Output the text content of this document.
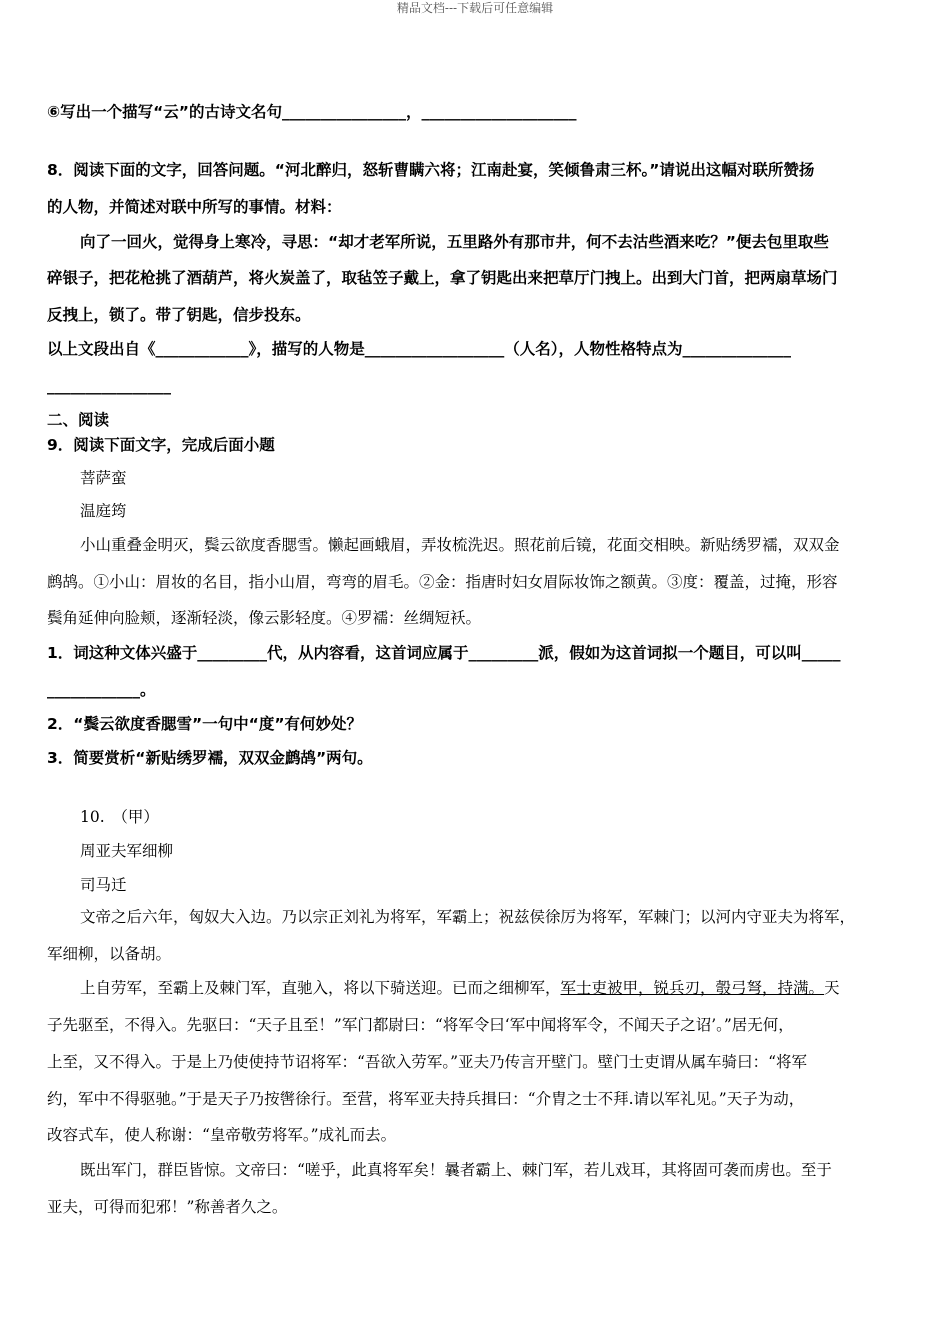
精品文档---下载后可任意编辑
⑥写出一个描写“云”的古诗文名句________________，____________________
8．阅读下面的文字，回答问题。“河北醉归，怒斩曹瞒六将；江南赴宴，笑倾鲁肃三杯。”请说出这幅对联所赞扬
的人物，并简述对联中所写的事情。材料：
向了一回火，觉得身上寒冷，寻思：“却才老军所说，五里路外有那市井，何不去沽些酒来吃？”便去包里取些
碎银子，把花枪挑了酒葫芦，将火炭盖了，取毡笠子戴上，拿了钥匙出来把草厅门拽上。出到大门首，把两扇草场门
反拽上，锁了。带了钥匙，信步投东。
以上文段出自《____________》，描写的人物是__________________（人名），人物性格特点为______________
________________
二、阅读
9．阅读下面文字，完成后面小题
菩萨蛮
温庭筠
小山重叠金明灭，鬓云欲度香腮雪。懒起画蛾眉，弄妆梳洗迟。照花前后镜，花面交相映。新贴绣罗襦，双双金
鹧鸪。①小山：眉妆的名目，指小山眉，弯弯的眉毛。②金：指唐时妇女眉际妆饰之额黄。③度：覆盖，过掩，形容
鬓角延伸向脸颊，逐渐轻淡，像云影轻度。④罗襦：丝绸短袄。
1．词这种文体兴盛于_________代，从内容看，这首词应属于_________派，假如为这首词拟一个题目，可以叫_____
____________。
2．“鬓云欲度香腮雪”一句中“度”有何妙处？
3．简要赏析“新贴绣罗襦，双双金鹧鸪”两句。
10.　（甲）
周亚夫军细柳
司马迁
文帝之后六年，匈奴大入边。乃以宗正刘礼为将军，军霸上；祝兹侯徐厉为将军，军棘门；以河内守亚夫为将军，
军细柳，以备胡。
上自劳军，至霸上及棘门军，直驰入，将以下骑送迎。已而之细柳军，军士吏被甲，锐兵刃，彀弓弩，持满。天
子先驱至，不得入。先驱曰：“天子且至！”军门都尉曰：“将军令曰‘军中闻将军令，不闻天子之诏’。”居无何，
上至，又不得入。于是上乃使使持节诏将军：“吾欲入劳军。”亚夫乃传言开壁门。壁门士吏谓从属车骑曰：“将军
约，军中不得驱驰。”于是天子乃按辔徐行。至营，将军亚夫持兵揖曰：“介胄之士不拜.请以军礼见。”天子为动，
改容式车，使人称谢：“皇帝敬劳将军。”成礼而去。
既出军门，群臣皆惊。文帝曰：“嗟乎，此真将军矣！曩者霸上、棘门军，若儿戏耳，其将固可袭而虏也。至于
亚夫，可得而犯邪！”称善者久之。
